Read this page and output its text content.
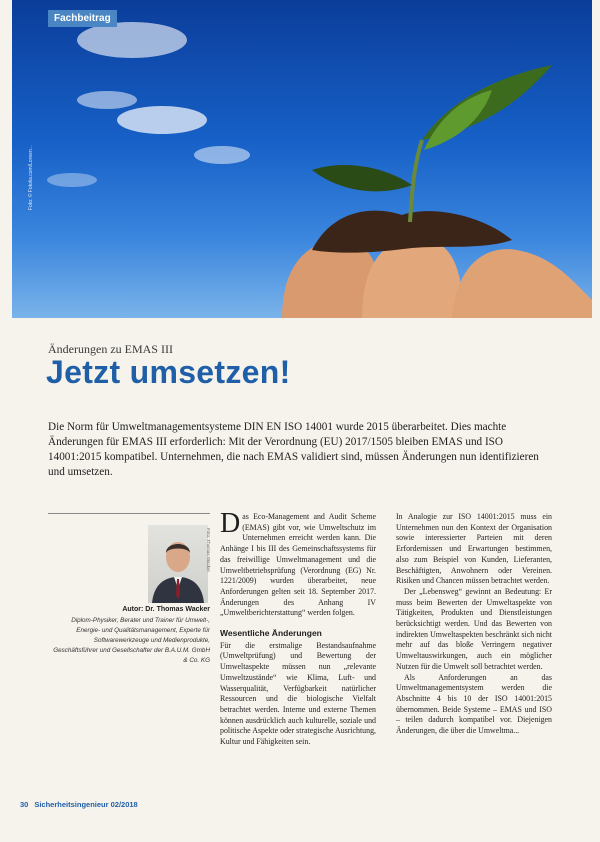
Fachbeitrag
Foto: © Fotolia.com/Loreen...
Änderungen zu EMAS III
Jetzt umsetzen!

Die Norm für Umweltmanagementsysteme DIN EN ISO 14001 wurde 2015 überarbeitet. Dies machte Änderungen für EMAS III erforderlich: Mit der Verordnung (EU) 2017/1505 bleiben EMAS und ISO 14001:2015 kompatibel. Unternehmen, die nach EMAS validiert sind, müssen Änderungen nun identifizieren und umsetzen.

Foto: Thomas Wacker

Autor: Dr. Thomas Wacker

Diplom-Physiker, Berater und Trainer für Umwelt-, Energie- und Qualitätsmanagement, Experte für Softwarewerkzeuge und Medienprodukte, Geschäftsführer und Gesellschafter der B.A.U.M. GmbH & Co. KG

Das Eco-Management and Audit Scheme (EMAS) gibt vor, wie Umweltschutz im Unternehmen erreicht werden kann. Die Anhänge I bis III des Gemeinschaftssystems für das freiwillige Umweltmanagement und die Umweltbetriebsprüfung (Verordnung (EG) Nr. 1221/2009) wurden überarbeitet, neue Anforderungen gelten seit 18. September 2017. Änderungen des Anhang IV „Umweltberichterstattung“ werden folgen.

Wesentliche Änderungen

Für die erstmalige Bestandsaufnahme (Umweltprüfung) und Bewertung der Umweltaspekte müssen nun „relevante Umweltzustände“ wie Klima, Luft- und Wasserqualität, Verfügbarkeit natürlicher Ressourcen und die biologische Vielfalt betrachtet werden. Interne und externe Themen können ausdrücklich auch kulturelle, soziale und politische Aspekte oder strategische Ausrichtung, Kultur und Fähigkeiten sein.

In Analogie zur ISO 14001:2015 muss ein Unternehmen nun den Kontext der Organisation sowie interessierter Parteien mit deren Erfordernissen und Erwartungen bestimmen, also zum Beispiel von Kunden, Lieferanten, Beschäftigten, Anwohnern oder Vereinen. Risiken und Chancen müssen betrachtet werden.

Der „Lebensweg“ gewinnt an Bedeutung: Er muss beim Bewerten der Umweltaspekte von Tätigkeiten, Produkten und Dienstleistungen berücksichtigt werden. Und das Bewerten von indirekten Umweltaspekten beschränkt sich nicht mehr auf das bloße Verringern negativer Umweltauswirkungen, auch ein möglicher Nutzen für die Umwelt soll betrachtet werden.

Als Anforderungen an das Umweltmanagementsystem werden die Abschnitte 4 bis 10 der ISO 14001:2015 übernommen. Beide Systeme – EMAS und ISO – teilen dadurch kompatibel vor. Diejenigen Änderungen, die über die Umweltma...

30 Sicherheitsingenieur 02/2018
